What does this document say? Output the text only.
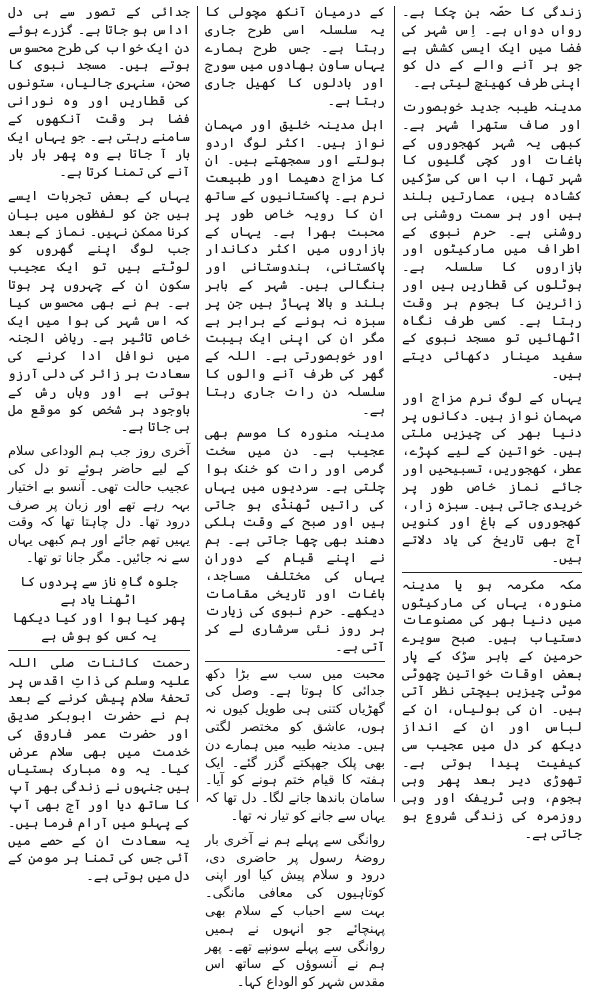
زندگی کا حصّہ بن چکا ہے۔ رواں دواں ہے۔ اِس شہر کی فضا میں ایک ایسی کشش ہے جو ہر آنے والے کے دل کو اپنی طرف کھینچ لیتی ہے۔

مدینہ طیبہ جدید خوبصورت اور صاف ستھرا شہر ہے۔ کبھی یہ شہر کھجوروں کے باغات اور کچی گلیوں کا شہر تھا، اب اس کی سڑکیں کشادہ ہیں، عمارتیں بلند ہیں اور ہر سمت روشنی ہی روشنی ہے۔ حرم نبوی کے اطراف میں مارکیٹوں اور بازاروں کا سلسلہ ہے۔ ہوٹلوں کی قطاریں ہیں اور زائرین کا ہجوم ہر وقت رہتا ہے۔ کسی طرف نگاہ اٹھائیں تو مسجد نبوی کے سفید مینار دکھائی دیتے ہیں۔

یہاں کے لوگ نرم مزاج اور مہمان نواز ہیں۔ دکانوں پر دنیا بھر کی چیزیں ملتی ہیں۔ خواتین کے لیے کپڑے، عطر، کھجوریں، تسبیحیں اور جائے نماز خاص طور پر خریدی جاتی ہیں۔ سبزہ زار، کھجوروں کے باغ اور کنویں آج بھی تاریخ کی یاد دلاتے ہیں۔

مکہ مکرمہ ہو یا مدینہ منورہ، یہاں کی مارکیٹوں میں دنیا بھر کی مصنوعات دستیاب ہیں۔ صبح سویرے حرمین کے باہر سڑک کے پار بعض اوقات خواتین چھوٹی موٹی چیزیں بیچتی نظر آتی ہیں۔ ان کی بولیاں، ان کے لباس اور ان کے انداز دیکھ کر دل میں عجیب سی کیفیت پیدا ہوتی ہے۔ تھوڑی دیر بعد پھر وہی ہجوم، وہی ٹریفک اور وہی روزمرہ کی زندگی شروع ہو جاتی ہے۔

کے درمیان آنکھ مچولی کا یہ سلسلہ اسی طرح جاری رہتا ہے۔ جس طرح ہمارے یہاں ساون بھادوں میں سورج اور بادلوں کا کھیل جاری رہتا ہے۔

اہل مدینہ خلیق اور مہمان نواز ہیں۔ اکثر لوگ اردو بولتے اور سمجھتے ہیں۔ ان کا مزاج دھیما اور طبیعت نرم ہے۔ پاکستانیوں کے ساتھ ان کا رویہ خاص طور پر محبت بھرا ہے۔ یہاں کے بازاروں میں اکثر دکاندار پاکستانی، ہندوستانی اور بنگالی ہیں۔ شہر کے باہر بلند و بالا پہاڑ ہیں جن پر سبزہ نہ ہونے کے برابر ہے مگر ان کی اپنی ایک ہیبت اور خوبصورتی ہے۔ اللہ کے گھر کی طرف آنے والوں کا سلسلہ دن رات جاری رہتا ہے۔

مدینہ منورہ کا موسم بھی عجیب ہے۔ دن میں سخت گرمی اور رات کو خنک ہوا چلتی ہے۔ سردیوں میں یہاں کی راتیں ٹھنڈی ہو جاتی ہیں اور صبح کے وقت ہلکی دھند بھی چھا جاتی ہے۔ ہم نے اپنے قیام کے دوران یہاں کی مختلف مساجد، باغات اور تاریخی مقامات دیکھے۔ حرم نبوی کی زیارت ہر روز نئی سرشاری لے کر آتی ہے۔

محبت میں سب سے بڑا دکھ جدائی کا ہوتا ہے۔ وصل کی گھڑیاں کتنی ہی طویل کیوں نہ ہوں، عاشق کو مختصر لگتی ہیں۔ مدینہ طیبہ میں ہمارے دن بھی پلک جھپکتے گزر گئے۔ ایک ہفتہ کا قیام ختم ہونے کو آیا۔ سامان باندھا جانے لگا۔ دل تھا کہ یہاں سے جانے کو تیار نہ تھا۔

روانگی سے پہلے ہم نے آخری بار روضۂ رسول پر حاضری دی، درود و سلام پیش کیا اور اپنی کوتاہیوں کی معافی مانگی۔ بہت سے احباب کے سلام بھی پہنچائے جو انہوں نے ہمیں روانگی سے پہلے سونپے تھے۔ پھر ہم نے آنسوؤں کے ساتھ اس مقدس شہر کو الوداع کہا۔

جدائی کے تصور سے ہی دل اداس ہو جاتا ہے۔ گزرے ہوئے دن ایک خواب کی طرح محسوس ہوتے ہیں۔ مسجد نبوی کا صحن، سنہری جالیاں، ستونوں کی قطاریں اور وہ نورانی فضا ہر وقت آنکھوں کے سامنے رہتی ہے۔ جو یہاں ایک بار آ جاتا ہے وہ پھر بار بار آنے کی تمنا کرتا ہے۔

یہاں کے بعض تجربات ایسے ہیں جن کو لفظوں میں بیان کرنا ممکن نہیں۔ نماز کے بعد جب لوگ اپنے گھروں کو لوٹتے ہیں تو ایک عجیب سکون ان کے چہروں پر ہوتا ہے۔ ہم نے بھی محسوس کیا کہ اس شہر کی ہوا میں ایک خاص تاثیر ہے۔ ریاض الجنہ میں نوافل ادا کرنے کی سعادت ہر زائر کی دلی آرزو ہوتی ہے اور وہاں رش کے باوجود ہر شخص کو موقع مل ہی جاتا ہے۔

آخری روز جب ہم الوداعی سلام کے لیے حاضر ہوئے تو دل کی عجیب حالت تھی۔ آنسو بے اختیار بہہ رہے تھے اور زبان پر صرف درود تھا۔ دل چاہتا تھا کہ وقت یہیں تھم جائے اور ہم کبھی یہاں سے نہ جائیں۔ مگر جانا تو تھا۔

جلوہ گاہِ ناز سے پردوں کا اٹھنا یاد ہے
پھر کیا ہوا اور کیا دیکھا یہ کس کو ہوش ہے

رحمت کائنات صلی اللہ علیہ وسلم کی ذاتِ اقدس پر تحفۂ سلام پیش کرنے کے بعد ہم نے حضرت ابوبکر صدیق اور حضرت عمر فاروق کی خدمت میں بھی سلام عرض کیا۔ یہ وہ مبارک ہستیاں ہیں جنہوں نے زندگی بھر آپ کا ساتھ دیا اور آج بھی آپ کے پہلو میں آرام فرما ہیں۔ یہ سعادت ان کے حصے میں آئی جس کی تمنا ہر مومن کے دل میں ہوتی ہے۔
